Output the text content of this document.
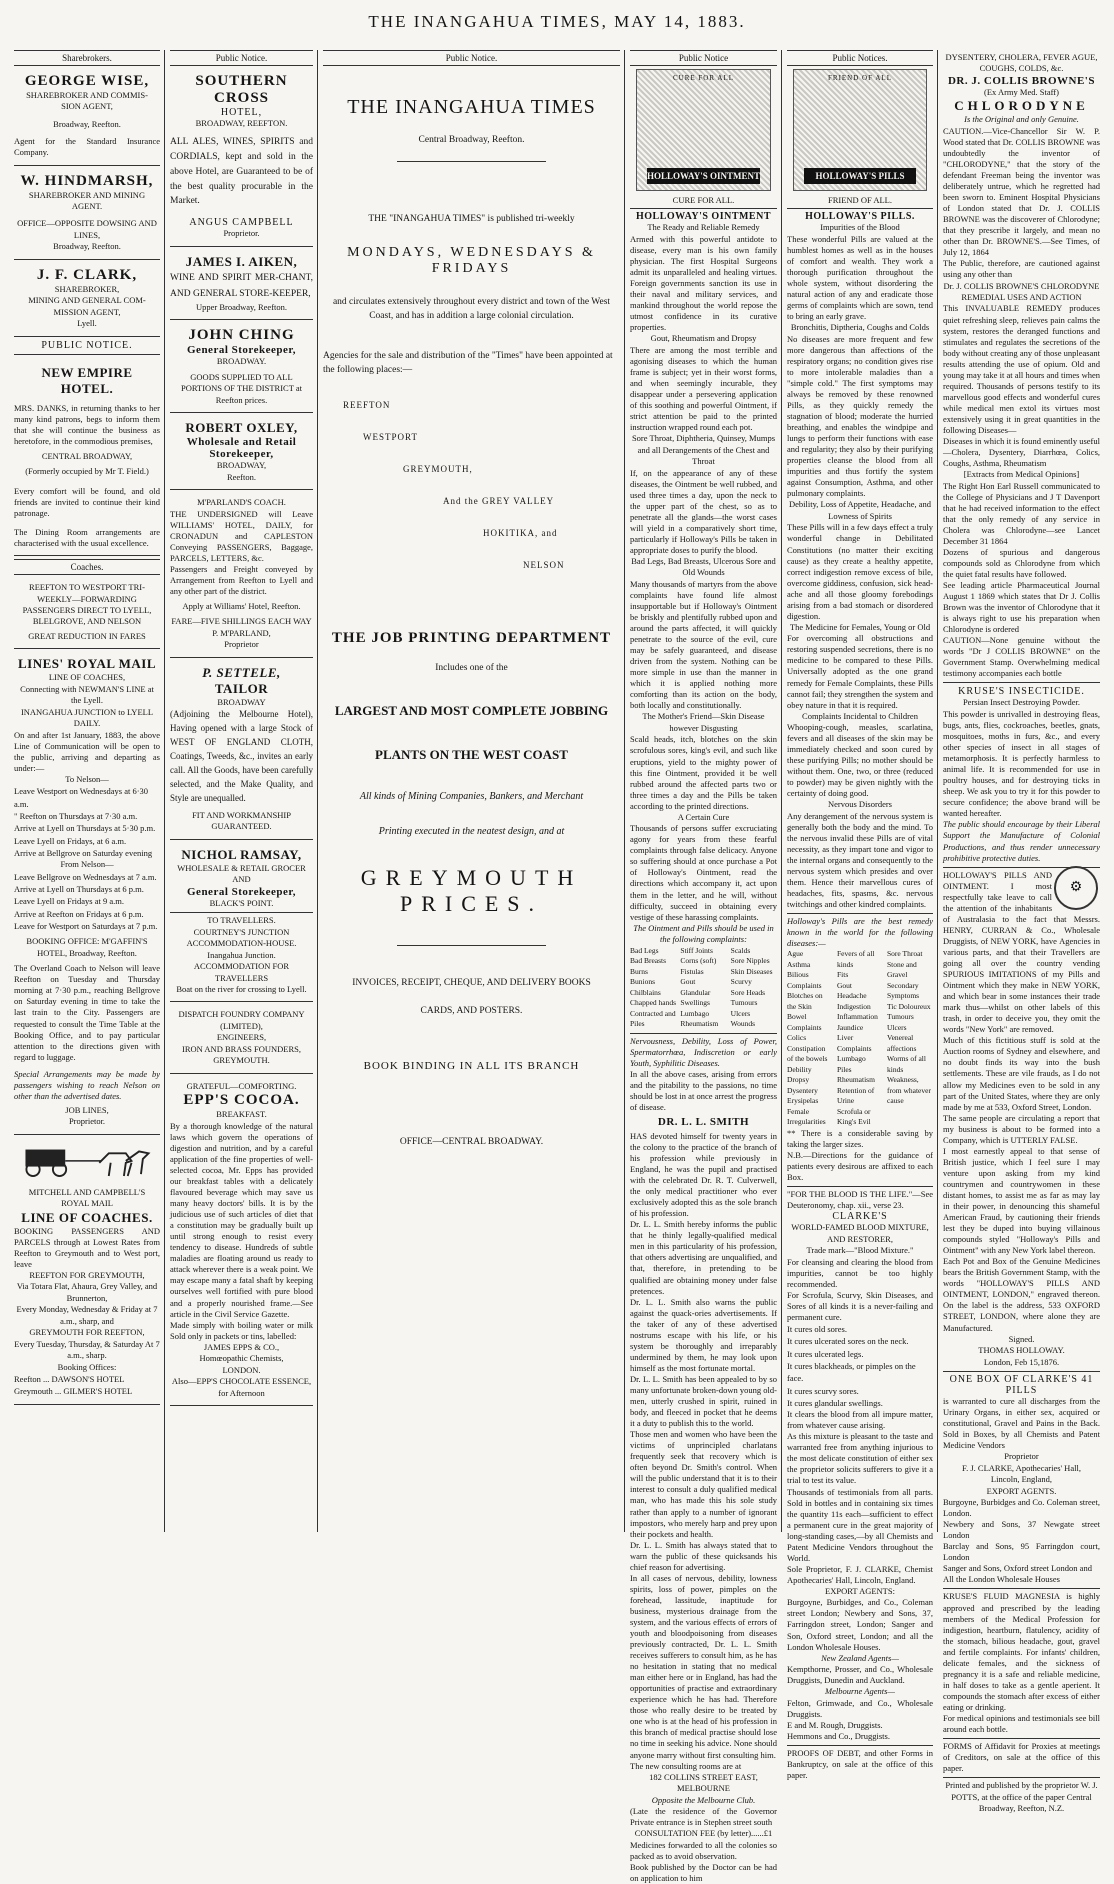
THE INANGAHUA TIMES, MAY 14, 1883.
Sharebrokers.
GEORGE WISE,
SHAREBROKER AND COMMIS-
SION AGENT,
Broadway, Reefton.
Agent for the Standard Insurance Company.
W. HINDMARSH,
SHAREBROKER AND MINING
AGENT.
OFFICE—OPPOSITE DOWSING AND LINES,
Broadway, Reefton.
J. F. CLARK,
SHAREBROKER,
MINING AND GENERAL COM-
MISSION AGENT,
Lyell.
PUBLIC NOTICE.
NEW EMPIRE HOTEL.
MRS. DANKS, in returning thanks to her many kind patrons, begs to inform them that she will continue the business as heretofore, in the commodious premises,
CENTRAL BROADWAY,
(Formerly occupied by Mr T. Field.)
Every comfort will be found, and old friends are invited to continue their kind patronage.
The Dining Room arrangements are characterised with the usual excellence.
Coaches.
REEFTON TO WESTPORT TRI-WEEKLY—FORWARDING PASSENGERS DIRECT TO LYELL, BLELGROVE, AND NELSON
GREAT REDUCTION IN FARES
LINES' ROYAL MAIL
LINE OF COACHES,
Connecting with NEWMAN'S LINE at the Lyell.
INANGAHUA JUNCTION to LYELL DAILY.
On and after 1st January, 1883, the above Line of Communication will be open to the public, arriving and departing as under:—
To Nelson—
Leave Westport on Wednesdays at 6·30 a.m.
" Reefton on Thursdays at 7·30 a.m.
Arrive at Lyell on Thursdays at 5·30 p.m.
Leave Lyell on Fridays, at 6 a.m.
Arrive at Bellgrove on Saturday evening
From Nelson—
Leave Bellgrove on Wednesdays at 7 a.m.
Arrive at Lyell on Thursdays at 6 p.m.
Leave Lyell on Fridays at 9 a.m.
Arrive at Reefton on Fridays at 6 p.m.
Leave for Westport on Saturdays at 7 p.m.
BOOKING OFFICE: M'GAFFIN'S HOTEL, Broadway, Reefton.
The Overland Coach to Nelson will leave Reefton on Tuesday and Thursday morning at 7·30 p.m., reaching Bellgrove on Saturday evening in time to take the last train to the City. Passengers are requested to consult the Time Table at the Booking Office, and to pay particular attention to the directions given with regard to luggage.
Special Arrangements may be made by passengers wishing to reach Nelson on other than the advertised dates.
JOB LINES,
Proprietor.
MITCHELL AND CAMPBELL'S
ROYAL MAIL
LINE OF COACHES.
BOOKING PASSENGERS AND PARCELS through at Lowest Rates from Reefton to Greymouth and to West port, leave
REEFTON FOR GREYMOUTH,
Via Totara Flat, Ahaura, Grey Valley, and Brunnerton,
Every Monday, Wednesday & Friday at 7 a.m., sharp, and
GREYMOUTH FOR REEFTON,
Every Tuesday, Thursday, & Saturday At 7 a.m., sharp.
Booking Offices:
Reefton ... DAWSON'S HOTEL
Greymouth ... GILMER'S HOTEL
Public Notice.
SOUTHERN CROSS
HOTEL,
BROADWAY, REEFTON.
ALL ALES, WINES, SPIRITS and CORDIALS, kept and sold in the above Hotel, are Guaranteed to be of the best quality procurable in the Market.
ANGUS CAMPBELL
Proprietor.
JAMES I. AIKEN,
WINE AND SPIRIT MER-CHANT, AND GENERAL STORE-KEEPER,
Upper Broadway, Reefton.
JOHN CHING
General Storekeeper,
BROADWAY.
GOODS SUPPLIED TO ALL PORTIONS OF THE DISTRICT at Reefton prices.
ROBERT OXLEY,
Wholesale and Retail
Storekeeper,
BROADWAY,
Reefton.
M'PARLAND'S COACH.
THE UNDERSIGNED will Leave WILLIAMS' HOTEL, DAILY, for CRONADUN and CAPLESTON Conveying PASSENGERS, Baggage, PARCELS, LETTERS, &c.
Passengers and Freight conveyed by Arrangement from Reefton to Lyell and any other part of the district.
Apply at Williams' Hotel, Reefton.
FARE—FIVE SHILLINGS EACH WAY
P. M'PARLAND,
Proprietor
P. SETTELE,
TAILOR
BROADWAY
(Adjoining the Melbourne Hotel), Having opened with a large Stock of WEST OF ENGLAND CLOTH, Coatings, Tweeds, &c., invites an early call. All the Goods, have been carefully selected, and the Make Quality, and Style are unequalled.
FIT AND WORKMANSHIP GUARANTEED.
NICHOL RAMSAY,
WHOLESALE & RETAIL GROCER
AND
General Storekeeper,
BLACK'S POINT.
TO TRAVELLERS.
COURTNEY'S JUNCTION ACCOMMODATION-HOUSE.
Inangahua Junction.
ACCOMMODATION FOR TRAVELLERS
Boat on the river for crossing to Lyell.
DISPATCH FOUNDRY COMPANY (LIMITED),
ENGINEERS,
IRON AND BRASS FOUNDERS,
GREYMOUTH.
GRATEFUL—COMFORTING.
EPP'S COCOA.
BREAKFAST.
By a thorough knowledge of the natural laws which govern the operations of digestion and nutrition, and by a careful application of the fine properties of well-selected cocoa, Mr. Epps has provided our breakfast tables with a delicately flavoured beverage which may save us many heavy doctors' bills. It is by the judicious use of such articles of diet that a constitution may be gradually built up until strong enough to resist every tendency to disease. Hundreds of subtle maladies are floating around us ready to attack wherever there is a weak point. We may escape many a fatal shaft by keeping ourselves well fortified with pure blood and a properly nourished frame.—See article in the Civil Service Gazette.
Made simply with boiling water or milk Sold only in packets or tins, labelled:
JAMES EPPS & CO.,
Homœopathic Chemists,
LONDON.
Also—EPP'S CHOCOLATE ESSENCE, for Afternoon
Public Notice.
THE INANGAHUA TIMES
Central Broadway, Reefton.
THE "INANGAHUA TIMES" is published tri-weekly
MONDAYS, WEDNESDAYS & FRIDAYS
and circulates extensively throughout every district and town of the West Coast, and has in addition a large colonial circulation.
Agencies for the sale and distribution of the "Times" have been appointed at the following places:—
REEFTON
WESTPORT
GREYMOUTH,
And the GREY VALLEY
HOKITIKA, and
NELSON
THE JOB PRINTING DEPARTMENT
Includes one of the
LARGEST AND MOST COMPLETE JOBBING
PLANTS ON THE WEST COAST
All kinds of Mining Companies, Bankers, and Merchant
Printing executed in the neatest design, and at
GREYMOUTH PRICES.
INVOICES, RECEIPT, CHEQUE, AND DELIVERY BOOKS
CARDS, AND POSTERS.
BOOK BINDING IN ALL ITS BRANCH
OFFICE—CENTRAL BROADWAY.
Public Notice
CURE FOR ALL
HOLLOWAY'S OINTMENT
CURE FOR ALL.
HOLLOWAY'S OINTMENT
The Ready and Reliable Remedy
Armed with this powerful antidote to disease, every man is his own family physician. The first Hospital Surgeons admit its unparalleled and healing virtues. Foreign governments sanction its use in their naval and military services, and mankind throughout the world repose the utmost confidence in its curative properties.
Gout, Rheumatism and Dropsy
There are among the most terrible and agonising diseases to which the human frame is subject; yet in their worst forms, and when seemingly incurable, they disappear under a persevering application of this soothing and powerful Ointment, if strict attention be paid to the printed instruction wrapped round each pot.
Sore Throat, Diphtheria, Quinsey, Mumps and all Derangements of the Chest and Throat
If, on the appearance of any of these diseases, the Ointment be well rubbed, and used three times a day, upon the neck to the upper part of the chest, so as to penetrate all the glands—the worst cases will yield in a comparatively short time, particularly if Holloway's Pills be taken in appropriate doses to purify the blood.
Bad Legs, Bad Breasts, Ulcerous Sore and Old Wounds
Many thousands of martyrs from the above complaints have found life almost insupportable but if Holloway's Ointment be briskly and plentifully rubbed upon and around the parts affected, it will quickly penetrate to the source of the evil, cure may be safely guaranteed, and disease driven from the system. Nothing can be more simple in use than the manner in which it is applied nothing more comforting than its action on the body, both locally and constitutionally.
The Mother's Friend—Skin Disease however Disgusting
Scald heads, itch, blotches on the skin scrofulous sores, king's evil, and such like eruptions, yield to the mighty power of this fine Ointment, provided it be well rubbed around the affected parts two or three times a day and the Pills be taken according to the printed directions.
A Certain Cure
Thousands of persons suffer excruciating agony for years from these fearful complaints through false delicacy. Anyone so suffering should at once purchase a Pot of Holloway's Ointment, read the directions which accompany it, act upon them in the letter, and he will, without difficulty, succeed in obtaining every vestige of these harassing complaints.
The Ointment and Pills should be used in the following complaints:
Bad Legs
Bad Breasts
Burns
Bunions
Chilblains
Chapped hands
Contracted and Piles
Stiff Joints
Corns (soft)
Fistulas
Gout
Glandular
Swellings
Lumbago
Rheumatism
Scalds
Sore Nipples
Skin Diseases
Scurvy
Sore Heads
Tumours
Ulcers
Wounds
Nervousness, Debility, Loss of Power, Spermatorrhœa, Indiscretion or early Youth, Syphilitic Diseases.
In all the above cases, arising from errors and the pitability to the passions, no time should be lost in at once arrest the progress of disease.
DR. L. L. SMITH
HAS devoted himself for twenty years in the colony to the practice of the branch of his profession while previously in England, he was the pupil and practised with the celebrated Dr. R. T. Culverwell, the only medical practitioner who ever exclusively adopted this as the sole branch of his profession.
Dr. L. L. Smith hereby informs the public that he thinly legally-qualified medical men in this particularity of his profession, that others advertising are unqualified, and that, therefore, in pretending to be qualified are obtaining money under false pretences.
Dr. L. L. Smith also warns the public against the quack-ories advertisements. If the taker of any of these advertised nostrums escape with his life, or his system be thoroughly and irreparably undermined by them, he may look upon himself as the most fortunate mortal.
Dr. L. L. Smith has been appealed to by so many unfortunate broken-down young old-men, utterly crushed in spirit, ruined in body, and fleeced in pocket that he deems it a duty to publish this to the world.
Those men and women who have been the victims of unprincipled charlatans frequently seek that recovery which is often beyond Dr. Smith's control. When will the public understand that it is to their interest to consult a duly qualified medical man, who has made this his sole study rather than apply to a number of ignorant impostors, who merely harp and prey upon their pockets and health.
Dr. L. L. Smith has always stated that to warn the public of these quicksands his chief reason for advertising.
In all cases of nervous, debility, lowness spirits, loss of power, pimples on the forehead, lassitude, inaptitude for business, mysterious drainage from the system, and the various effects of errors of youth and bloodpoisoning from diseases previously contracted, Dr. L. L. Smith receives sufferers to consult him, as he has no hesitation in stating that no medical man either here or in England, has had the opportunities of practise and extraordinary experience which he has had. Therefore those who really desire to be treated by one who is at the head of his profession in this branch of medical practise should lose no time in seeking his advice. None should anyone marry without first consulting him.
The new consulting rooms are at
182 COLLINS STREET EAST, MELBOURNE
Opposite the Melbourne Club.
(Late the residence of the Governor Private entrance is in Stephen street south
CONSULTATION FEE (by letter)......£1
Medicines forwarded to all the colonies so packed as to avoid observation.
Book published by the Doctor can be had on application to him
Public Notices.
FRIEND OF ALL
HOLLOWAY'S PILLS
FRIEND OF ALL.
HOLLOWAY'S PILLS.
Impurities of the Blood
These wonderful Pills are valued at the humblest homes as well as in the houses of comfort and wealth. They work a thorough purification throughout the whole system, without disordering the natural action of any and eradicate those germs of complaints which are sown, tend to bring an early grave.
Bronchitis, Diptheria, Coughs and Colds
No diseases are more frequent and few more dangerous than affections of the respiratory organs; no condition gives rise to more intolerable maladies than a "simple cold." The first symptoms may always be removed by these renowned Pills, as they quickly remedy the stagnation of blood; moderate the hurried breathing, and enables the windpipe and lungs to perform their functions with ease and regularity; they also by their purifying properties cleanse the blood from all impurities and thus fortify the system against Consumption, Asthma, and other pulmonary complaints.
Debility, Loss of Appetite, Headache, and Lowness of Spirits
These Pills will in a few days effect a truly wonderful change in Debilitated Constitutions (no matter their exciting cause) as they create a healthy appetite, correct indigestion remove excess of bile, overcome giddiness, confusion, sick head-ache and all those gloomy forebodings arising from a bad stomach or disordered digestion.
The Medicine for Females, Young or Old
For overcoming all obstructions and restoring suspended secretions, there is no medicine to be compared to these Pills. Universally adopted as the one grand remedy for Female Complaints, these Pills cannot fail; they strengthen the system and obey nature in that it is required.
Complaints Incidental to Children
Whooping-cough, measles, scarlatina, fevers and all diseases of the skin may be immediately checked and soon cured by these purifying Pills; no mother should be without them. One, two, or three (reduced to powder) may be given nightly with the certainty of doing good.
Nervous Disorders
Any derangement of the nervous system is generally both the body and the mind. To the nervous invalid these Pills are of vital necessity, as they impart tone and vigor to the internal organs and consequently to the nervous system which presides and over them. Hence their marvellous cures of headaches, fits, spasms, &c. nervous twitchings and other kindred complaints.
Holloway's Pills are the best remedy known in the world for the following diseases:—
Ague
Asthma
Bilious Complaints
Blotches on the Skin
Bowel Complaints
Colics
Constipation of the bowels
Debility
Dropsy
Dysentery
Erysipelas
Female Irregularities
Fevers of all kinds
Fits
Gout
Headache
Indigestion
Inflammation
Jaundice
Liver Complaints
Lumbago
Piles
Rheumatism
Retention of Urine
Scrofula or King's Evil
Sore Throat
Stone and Gravel
Secondary Symptoms
Tic Doloureux
Tumours
Ulcers
Venereal affections
Worms of all kinds
Weakness, from whatever cause
** There is a considerable saving by taking the larger sizes.
N.B.—Directions for the guidance of patients every desirous are affixed to each Box.
"FOR THE BLOOD IS THE LIFE."—See Deuteronomy, chap. xii., verse 23.
CLARKE'S
WORLD-FAMED BLOOD MIXTURE,
AND RESTORER,
Trade mark—"Blood Mixture."
For cleansing and clearing the blood from impurities, cannot be too highly recommended.
For Scrofula, Scurvy, Skin Diseases, and Sores of all kinds it is a never-failing and permanent cure.
It cures old sores.
It cures ulcerated sores on the neck.
It cures ulcerated legs.
It cures blackheads, or pimples on the face.
It cures scurvy sores.
It cures glandular swellings.
It clears the blood from all impure matter, from whatever cause arising.
As this mixture is pleasant to the taste and warranted free from anything injurious to the most delicate constitution of either sex the proprietor solicits sufferers to give it a trial to test its value.
Thousands of testimonials from all parts. Sold in bottles and in containing six times the quantity 11s each—sufficient to effect a permanent cure in the great majority of long-standing cases,—by all Chemists and Patent Medicine Vendors throughout the World.
Sole Proprietor, F. J. CLARKE, Chemist Apothecaries' Hall, Lincoln, England.
EXPORT AGENTS:
Burgoyne, Burbidges, and Co., Coleman street London; Newbery and Sons, 37, Farringdon street, London; Sanger and Son, Oxford street, London; and all the London Wholesale Houses.
New Zealand Agents—
Kempthorne, Prosser, and Co., Wholesale Druggists, Dunedin and Auckland.
Melbourne Agents—
Felton, Grimwade, and Co., Wholesale Druggists.
E and M. Rough, Druggists.
Hemmons and Co., Druggists.
PROOFS OF DEBT, and other Forms in Bankruptcy, on sale at the office of this paper.
DYSENTERY, CHOLERA, FEVER AGUE, COUGHS, COLDS, &c.
DR. J. COLLIS BROWNE'S
(Ex Army Med. Staff)
CHLORODYNE
Is the Original and only Genuine.
CAUTION.—Vice-Chancellor Sir W. P. Wood stated that Dr. COLLIS BROWNE was undoubtedly the inventor of "CHLORODYNE," that the story of the defendant Freeman being the inventor was deliberately untrue, which he regretted had been sworn to. Eminent Hospital Physicians of London stated that Dr. J. COLLIS BROWNE was the discoverer of Chlorodyne; that they prescribe it largely, and mean no other than Dr. BROWNE'S.—See Times, of July 12, 1864
The Public, therefore, are cautioned against using any other than
Dr. J. COLLIS BROWNE'S CHLORODYNE
REMEDIAL USES AND ACTION
This INVALUABLE REMEDY produces quiet refreshing sleep, relieves pain calms the system, restores the deranged functions and stimulates and regulates the secretions of the body without creating any of those unpleasant results attending the use of opium. Old and young may take it at all hours and times when required. Thousands of persons testify to its marvellous good effects and wonderful cures while medical men extol its virtues most extensively using it in great quantities in the following Diseases—
Diseases in which it is found eminently useful—Cholera, Dysentery, Diarrhœa, Colics, Coughs, Asthma, Rheumatism
[Extracts from Medical Opinions]
The Right Hon Earl Russell communicated to the College of Physicians and J T Davenport that he had received information to the effect that the only remedy of any service in Cholera was Chlorodyne—see Lancet December 31 1864
Dozens of spurious and dangerous compounds sold as Chlorodyne from which the quiet fatal results have followed.
See leading article Pharmaceutical Journal August 1 1869 which states that Dr J. Collis Brown was the inventor of Chlorodyne that it is always right to use his preparation when Chlorodyne is ordered
CAUTION—None genuine without the words "Dr J COLLIS BROWNE" on the Government Stamp. Overwhelming medical testimony accompanies each bottle
KRUSE'S INSECTICIDE.
Persian Insect Destroying Powder.
This powder is unrivalled in destroying fleas, bugs, ants, flies, cockroaches, beetles, gnats, mosquitoes, moths in furs, &c., and every other species of insect in all stages of metamorphosis. It is perfectly harmless to animal life. It is recommended for use in poultry houses, and for destroying ticks in sheep. We ask you to try it for this powder to secure confidence; the above brand will be wanted hereafter.
The public should encourage by their Liberal Support the Manufacture of Colonial Productions, and thus render unnecessary prohibitive protective duties.
⚙
HOLLOWAY'S PILLS AND OINTMENT. I most respectfully take leave to call the attention of the inhabitants of Australasia to the fact that Messrs. HENRY, CURRAN & Co., Wholesale Druggists, of NEW YORK, have Agencies in various parts, and that their Travellers are going all over the country vending SPURIOUS IMITATIONS of my Pills and Ointment which they make in NEW YORK, and which bear in some instances their trade mark thus—whilst on other labels of this trash, in order to deceive you, they omit the words "New York" are removed.
Much of this fictitious stuff is sold at the Auction rooms of Sydney and elsewhere, and no doubt finds its way into the bush settlements. These are vile frauds, as I do not allow my Medicines even to be sold in any part of the United States, where they are only made by me at 533, Oxford Street, London.
The same people are circulating a report that my business is about to be formed into a Company, which is UTTERLY FALSE.
I most earnestly appeal to that sense of British justice, which I feel sure I may venture upon asking from my kind countrymen and countrywomen in these distant homes, to assist me as far as may lay in their power, in denouncing this shameful American Fraud, by cautioning their friends lest they be duped into buying villainous compounds styled "Holloway's Pills and Ointment" with any New York label thereon.
Each Pot and Box of the Genuine Medicines bears the British Government Stamp, with the words "HOLLOWAY'S PILLS AND OINTMENT, LONDON," engraved thereon. On the label is the address, 533 OXFORD STREET, LONDON, where alone they are Manufactured.
Signed.
THOMAS HOLLOWAY.
London, Feb 15,1876.
ONE BOX OF CLARKE'S 41 PILLS
is warranted to cure all discharges from the Urinary Organs, in either sex, acquired or constitutional, Gravel and Pains in the Back. Sold in Boxes, by all Chemists and Patent Medicine Vendors
Proprietor
F. J. CLARKE, Apothecaries' Hall,
Lincoln, England,
EXPORT AGENTS.
Burgoyne, Burbidges and Co. Coleman street, London.
Newbery and Sons, 37 Newgate street London
Barclay and Sons, 95 Farringdon court, London
Sanger and Sons, Oxford street London and
All the London Wholesale Houses
KRUSE'S FLUID MAGNESIA is highly approved and prescribed by the leading members of the Medical Profession for indigestion, heartburn, flatulency, acidity of the stomach, bilious headache, gout, gravel and fertile complaints. For infants' children, delicate females, and the sickness of pregnancy it is a safe and reliable medicine, in half doses to take as a gentle aperient. It compounds the stomach after excess of either eating or drinking.
For medical opinions and testimonials see bill around each bottle.
FORMS of Affidavit for Proxies at meetings of Creditors, on sale at the office of this paper.
Printed and published by the proprietor W. J. POTTS, at the office of the paper Central Broadway, Reefton, N.Z.
